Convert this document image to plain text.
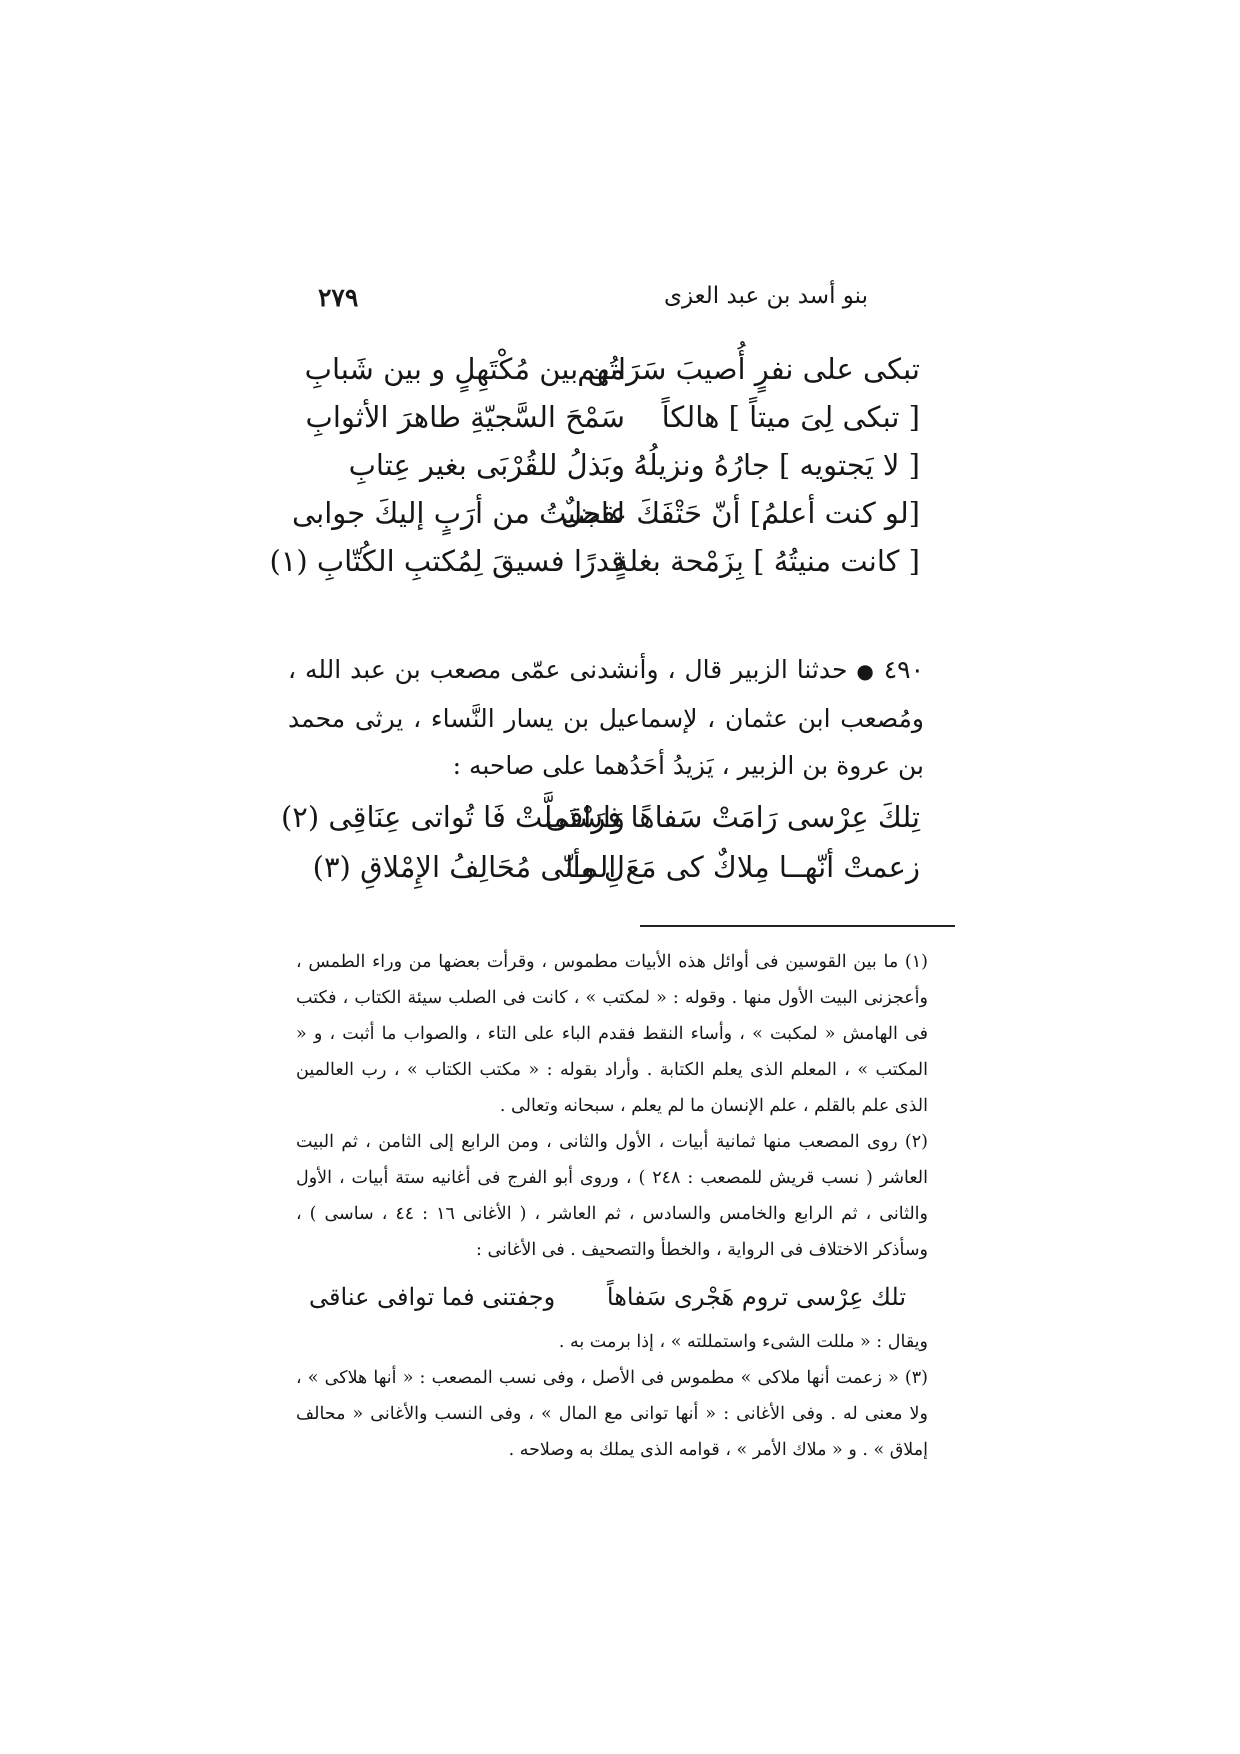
٢٧٩	بنو أسد بن عبد العزى
تبكى على نفرٍ أُصيبَ سَرَاتُهم
من بين مُكْتَهِلٍ و بين شَبابِ
[ تبكى لِىَ ميتاً ] هالكاً
سَمْحَ السَّجيّةِ طاهرَ الأثوابِ
[ لا يَجتويه ] جارُهُ ونزيلُهُ
وبَذلُ للقُرْبَى بغير عِتابِ
[لو كنت أعلمُ] أنّ حَتْفَكَ عاجلٌ
لقضيتُ من أرَبٍ إليكَ جوابى
[ كانت منيتُهُ ] بِزَمْحة بغلةٍ
قدرًا فسيقَ لِمُكتبِ الكُتّابِ (١)

٤٩٠ ● حدثنا الزبير قال ، وأنشدنى عمّى مصعب بن عبد الله ، ومُصعب ابن عثمان ، لإسماعيل بن يسار النَّساء ، يرثى محمد بن عروة بن الزبير ، يَزيدُ أحَدُهما على صاحبه :

تِلكَ عِرْسى رَامَتْ سَفاهًا فِرَاقى
وَاسْتَملَّتْ فَا تُواتى عِنَاقِى (٢)
زعمتْ أنّهــا مِلاكٌ كى مَعَ المـا
لِ وأنّى مُحَالِفُ الإِمْلاقِ (٣)

(١) ما بين القوسين فى أوائل هذه الأبيات مطموس ، وقرأت بعضها من وراء الطمس ، وأعجزنى البيت الأول منها . وقوله : « لمكتب » ، كانت فى الصلب سيئة الكتاب ، فكتب فى الهامش « لمكبت » ، وأساء النقط فقدم الباء على التاء ، والصواب ما أثبت ، و « المكتب » ، المعلم الذى يعلم الكتابة . وأراد بقوله : « مكتب الكتاب » ، رب العالمين الذى علم بالقلم ، علم الإنسان ما لم يعلم ، سبحانه وتعالى .

(٢) روى المصعب منها ثمانية أبيات ، الأول والثانى ، ومن الرابع إلى الثامن ، ثم البيت العاشر ( نسب قريش للمصعب : ٢٤٨ ) ، وروى أبو الفرج فى أغانيه ستة أبيات ، الأول والثانى ، ثم الرابع والخامس والسادس ، ثم العاشر ، ( الأغانى ١٦ : ٤٤ ، ساسى ) ، وسأذكر الاختلاف فى الرواية ، والخطأ والتصحيف . فى الأغانى :

تلك عِرْسى تروم هَجْرى سَفاهاً وجفتنى فما توافى عناقى

ويقال : « مللت الشىء واستمللته » ، إذا برمت به .

(٣) « زعمت أنها ملاكى » مطموس فى الأصل ، وفى نسب المصعب : « أنها هلاكى » ، ولا معنى له . وفى الأغانى : « أنها توانى مع المال » ، وفى النسب والأغانى « محالف إملاق » . و « ملاك الأمر » ، قوامه الذى يملك به وصلاحه .
